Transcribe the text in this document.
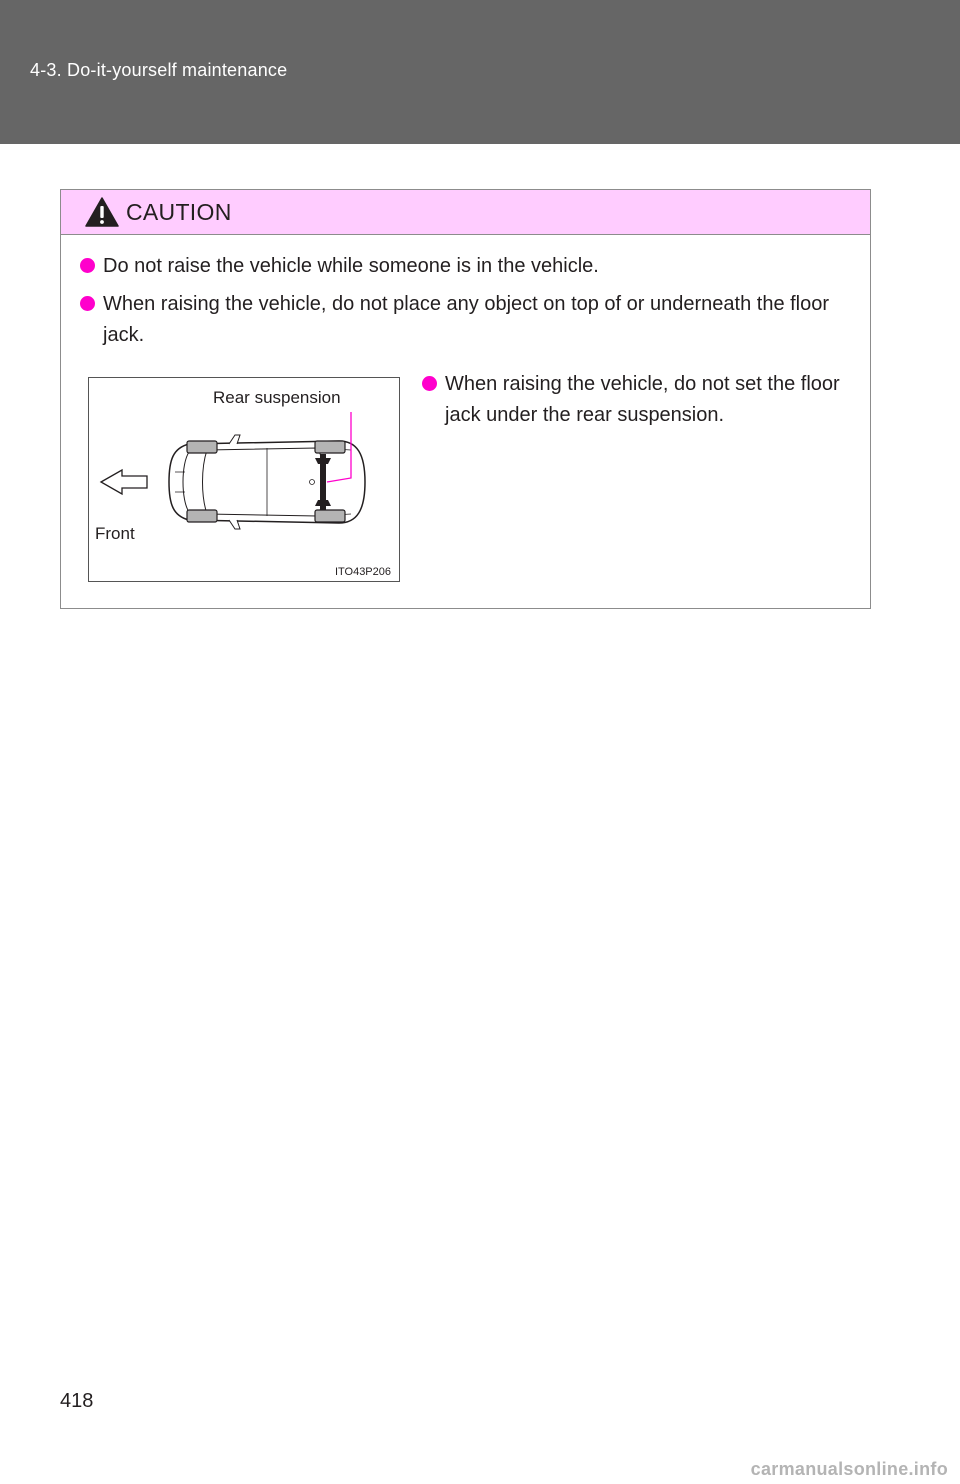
4-3. Do-it-yourself maintenance
CAUTION
Do not raise the vehicle while someone is in the vehicle.
When raising the vehicle, do not place any object on top of or underneath the floor jack.
When raising the vehicle, do not set the floor jack under the rear suspension.
Rear suspension
Front
ITO43P206
418
carmanualsonline.info
